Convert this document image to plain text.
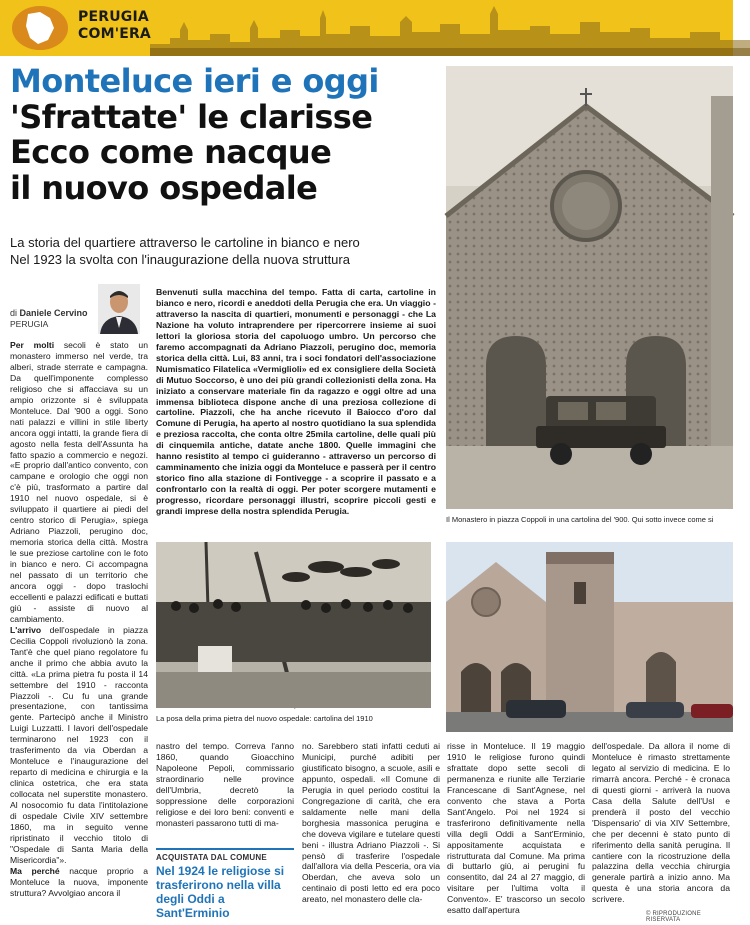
PERUGIA COM'ERA
Monteluce ieri e oggi
'Sfrattate' le clarisse
Ecco come nacque
il nuovo ospedale
La storia del quartiere attraverso le cartoline in bianco e nero
Nel 1923 la svolta con l'inaugurazione della nuova struttura
di Daniele Cervino
PERUGIA
Benvenuti sulla macchina del tempo. Fatta di carta, cartoline in bianco e nero, ricordi e aneddoti della Perugia che era. Un viaggio - attraverso la nascita di quartieri, monumenti e personaggi - che La Nazione ha voluto intraprendere per ripercorrere insieme ai suoi lettori la gloriosa storia del capoluogo umbro. Un percorso che faremo accompagnati da Adriano Piazzoli, perugino doc, memoria storica della città. Lui, 83 anni, tra i soci fondatori dell'associazione Numismatico Filatelica «Vermiglioli» ed ex consigliere della Società di Mutuo Soccorso, è uno dei più grandi collezionisti della zona. Ha iniziato a conservare materiale fin da ragazzo e oggi oltre ad una immensa biblioteca dispone anche di una preziosa collezione di cartoline. Piazzoli, che ha anche ricevuto il Baiocco d'oro dal Comune di Perugia, ha aperto al nostro quotidiano la sua splendida e preziosa raccolta, che conta oltre 25mila cartoline, delle quali più di cinquemila antiche, datate anche 1800. Quelle immagini che hanno resistito al tempo ci guideranno - attraverso un percorso di camminamento che inizia oggi da Monteluce e passerà per il centro storico fino alla stazione di Fontivegge - a scoprire il passato e a confrontarlo con la realtà di oggi. Per poter scorgere mutamenti e progresso, ricordare personaggi illustri, scoprire piccoli gesti e grandi imprese della nostra splendida Perugia.
Per molti secoli è stato un monastero immerso nel verde, tra alberi, strade sterrate e campagna. Da quell'imponente complesso religioso che si affacciava su un ampio orizzonte si è sviluppata Monteluce. Dal '900 a oggi. Sono nati palazzi e villini in stile liberty ancora oggi intatti, la grande fiera di agosto nella festa dell'Assunta ha fatto spazio a commercio e negozi. «E proprio dall'antico convento, con campane e orologio che oggi non c'è più, trasformato a partire dal 1910 nel nuovo ospedale, si è sviluppato il quartiere ai piedi del centro storico di Perugia», spiega Adriano Piazzoli, perugino doc, memoria storica della città. Mostra le sue preziose cartoline con le foto in bianco e nero. Ci accompagna nel passato di un territorio che ancora oggi - dopo traslochi eccellenti e palazzi edificati e buttati giù - assiste di nuovo al cambiamento.
L'arrivo dell'ospedale in piazza Cecilia Coppoli rivoluzionò la zona. Tant'è che quel piano regolatore fu anche il primo che abbia avuto la città. «La prima pietra fu posta il 14 settembre del 1910 - racconta Piazzoli -. Cu fu una grande presentazione, con tantissima gente. Partecipò anche il Ministro Luigi Luzzatti. I lavori dell'ospedale terminarono nel 1923 con il trasferimento da via Oberdan a Monteluce e l'inaugurazione del reparto di medicina e chirurgia e la clinica ostetrica, che era stata collocata nel superstite monastero. Al nosocomio fu data l'intitolazione di ospedale Civile XIV settembre 1860, ma in seguito venne ripristinato il vecchio titolo di "Ospedale di Santa Maria della Misericordia"».
Ma perché nacque proprio a Monteluce la nuova, imponente struttura? Avvolgiao ancora il
nastro del tempo. Correva l'anno 1860, quando Gioacchino Napoleone Pepoli, commissario straordinario nelle province dell'Umbria, decretò la soppressione delle corporazioni religiose e dei loro beni: conventi e monasteri passarono tutti di ma-
no. Sarebbero stati infatti ceduti ai Municipi, purché adibiti per giustificato bisogno, a scuole, asili e appunto, ospedali. «Il Comune di Perugia in quel periodo costitui la Congregazione di carità, che era saldamente nelle mani della borghesia massonica perugina e che doveva vigilare e tutelare questi beni - illustra Adriano Piazzoli -. Si pensò di trasferire l'ospedale dall'allora via della Pesceria, ora via Oberdan, che aveva solo un centinaio di posti letto ed era poco areato, nel monastero delle cla-
risse in Monteluce. Il 19 maggio 1910 le religiose furono quindi sfrattate dopo sette secoli di permanenza e riunite alle Terziarie Francescane di Sant'Agnese, nel convento che stava a Porta Sant'Angelo. Poi nel 1924 si trasferirono definitivamente nella villa degli Oddi a Sant'Erminio, appositamente acquistata e ristrutturata dal Comune. Ma prima di buttarlo giù, ai perugini fu consentito, dal 24 al 27 maggio, di visitare per l'ultima volta il Convento». E' trascorso un secolo esatto dall'apertura
dell'ospedale. Da allora il nome di Monteluce è rimasto strettamente legato al servizio di medicina. E lo rimarrà ancora. Perché - è cronaca di questi giorni - arriverà la nuova Casa della Salute dell'Usl e prenderà il posto del vecchio 'Dispensario' di via XIV Settembre, che per decenni è stato punto di riferimento della sanità perugina. Il cantiere con la ricostruzione della palazzina della vecchia chirurgia generale partirà a inizio anno. Ma questa è una storia ancora da scrivere.
ACQUISTATA DAL COMUNE
Nel 1924 le religiose si trasferirono nella villa degli Oddi a Sant'Erminio
Il Monastero in piazza Coppoli in una cartolina del '900. Qui sotto invece come si
La posa della prima pietra del nuovo ospedale: cartolina del 1910
© RIPRODUZIONE RISERVATA
